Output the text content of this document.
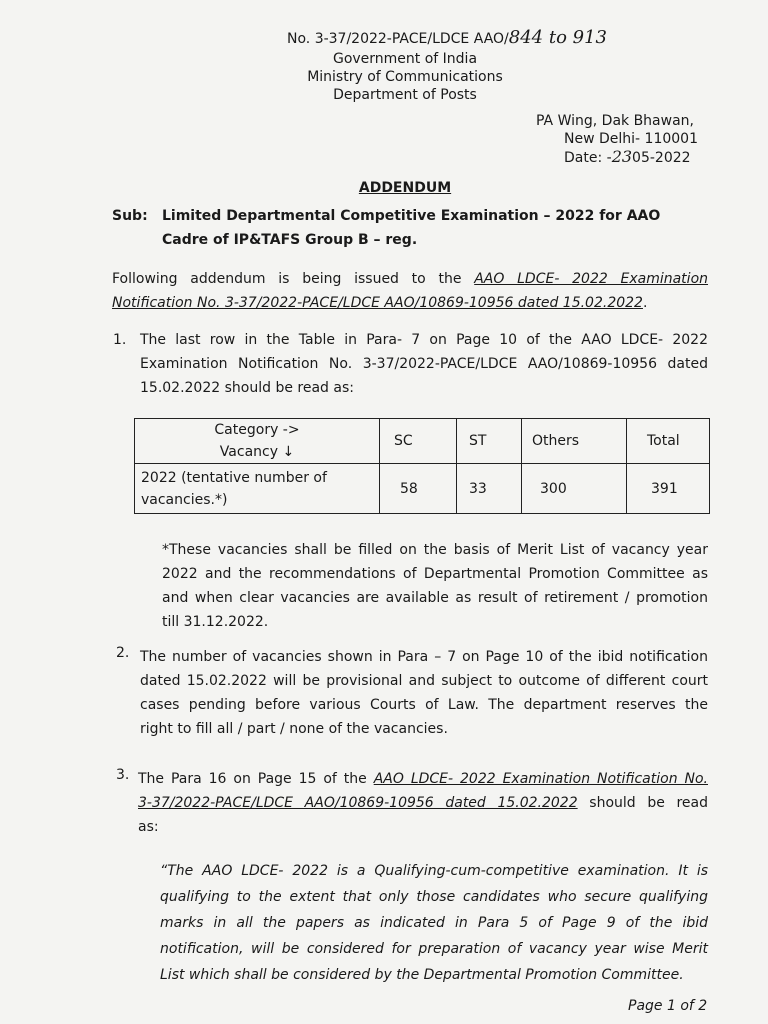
No. 3-37/2022-PACE/LDCE AAO/844 to 913
Government of India
Ministry of Communications
Department of Posts
PA Wing, Dak Bhawan,
New Delhi- 110001
Date: -2305-2022
ADDENDUM
Sub: Limited Departmental Competitive Examination – 2022 for AAO
Cadre of IP&TAFS Group B – reg.
Following addendum is being issued to the AAO LDCE- 2022 Examination
Notification No. 3-37/2022-PACE/LDCE AAO/10869-10956 dated 15.02.2022.
1. The last row in the Table in Para- 7 on Page 10 of the AAO LDCE- 2022
Examination Notification No. 3-37/2022-PACE/LDCE AAO/10869-10956 dated
15.02.2022 should be read as:
Category ->
Vacancy ↓	SC	ST	Others	Total

2022 (tentative number of
vacancies.*)	58	33	300	391
*These vacancies shall be filled on the basis of Merit List of vacancy year
2022 and the recommendations of Departmental Promotion Committee as
and when clear vacancies are available as result of retirement / promotion
till 31.12.2022.
2. The number of vacancies shown in Para – 7 on Page 10 of the ibid notification
dated 15.02.2022 will be provisional and subject to outcome of different court
cases pending before various Courts of Law. The department reserves the
right to fill all / part / none of the vacancies.
3. The Para 16 on Page 15 of the AAO LDCE- 2022 Examination Notification No.
3-37/2022-PACE/LDCE AAO/10869-10956 dated 15.02.2022 should be read
as:
“The AAO LDCE- 2022 is a Qualifying-cum-competitive examination. It is
qualifying to the extent that only those candidates who secure qualifying
marks in all the papers as indicated in Para 5 of Page 9 of the ibid
notification, will be considered for preparation of vacancy year wise Merit
List which shall be considered by the Departmental Promotion Committee.
Page 1 of 2
